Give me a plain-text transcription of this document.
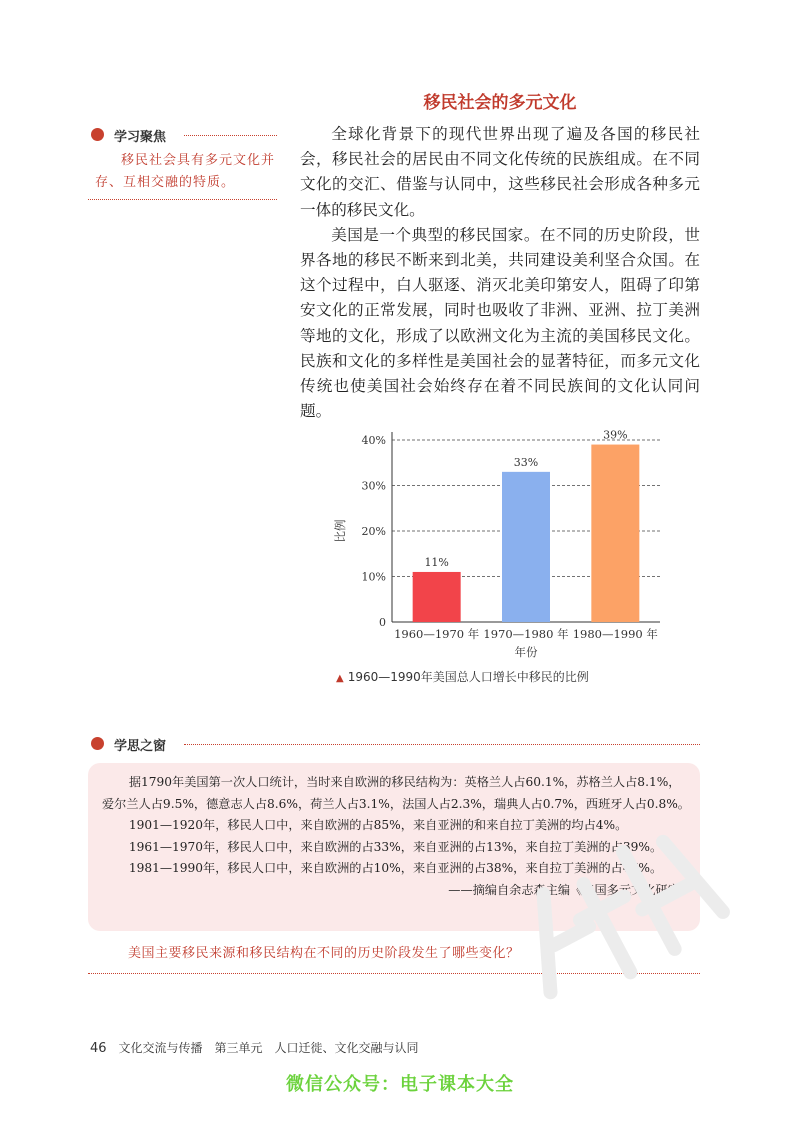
移民社会的多元文化
学习聚焦
移民社会具有多元文化并存、互相交融的特质。

全球化背景下的现代世界出现了遍及各国的移民社会，移民社会的居民由不同文化传统的民族组成。在不同文化的交汇、借鉴与认同中，这些移民社会形成各种多元一体的移民文化。

美国是一个典型的移民国家。在不同的历史阶段，世界各地的移民不断来到北美，共同建设美利坚合众国。在这个过程中，白人驱逐、消灭北美印第安人，阻碍了印第安文化的正常发展，同时也吸收了非洲、亚洲、拉丁美洲等地的文化，形成了以欧洲文化为主流的美国移民文化。民族和文化的多样性是美国社会的显著特征，而多元文化传统也使美国社会始终存在着不同民族间的文化认同问题。

0
10%
20%
30%
40%
11%
1960—1970 年
33%
1970—1980 年
39%
1980—1990 年
年份
比例
▲ 1960—1990年美国总人口增长中移民的比例
学思之窗

据1790年美国第一次人口统计，当时来自欧洲的移民结构为：英格兰人占60.1%，苏格兰人占8.1%，爱尔兰人占9.5%，德意志人占8.6%，荷兰人占3.1%，法国人占2.3%，瑞典人占0.7%，西班牙人占0.8%。

1901—1920年，移民人口中，来自欧洲的占85%，来自亚洲的和来自拉丁美洲的均占4%。

1961—1970年，移民人口中，来自欧洲的占33%，来自亚洲的占13%，来自拉丁美洲的占39%。

1981—1990年，移民人口中，来自欧洲的占10%，来自亚洲的占38%，来自拉丁美洲的占47%。

——摘编自余志森主编《美国多元文化研究》

美国主要移民来源和移民结构在不同的历史阶段发生了哪些变化？
46 文化交流与传播　第三单元　人口迁徙、文化交融与认同
微信公众号：电子课本大全
